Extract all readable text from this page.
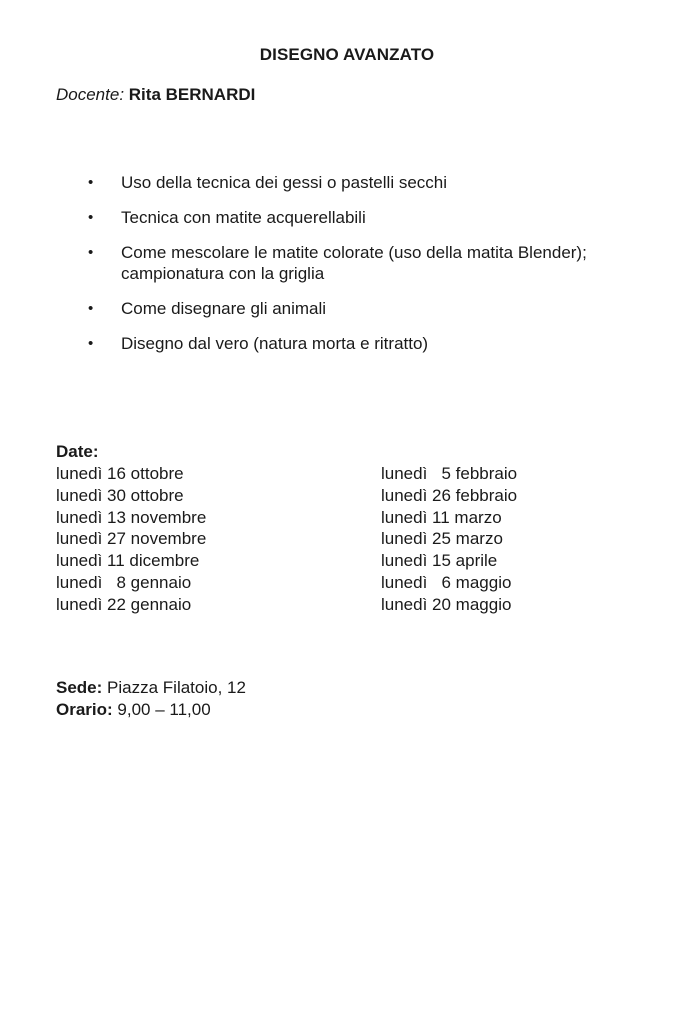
DISEGNO AVANZATO
Docente: Rita BERNARDI
• Uso della tecnica dei gessi o pastelli secchi
• Tecnica con matite acquerellabili
• Come mescolare le matite colorate (uso della matita Blender); campionatura con la griglia
• Come disegnare gli animali
• Disegno dal vero (natura morta e ritratto)
Date:
lunedì 16 ottobre
lunedì 30 ottobre
lunedì 13 novembre
lunedì 27 novembre
lunedì 11 dicembre
lunedì   8 gennaio
lunedì 22 gennaio
lunedì   5 febbraio
lunedì 26 febbraio
lunedì 11 marzo
lunedì 25 marzo
lunedì 15 aprile
lunedì   6 maggio
lunedì 20 maggio
Sede: Piazza Filatoio, 12
Orario: 9,00 – 11,00
